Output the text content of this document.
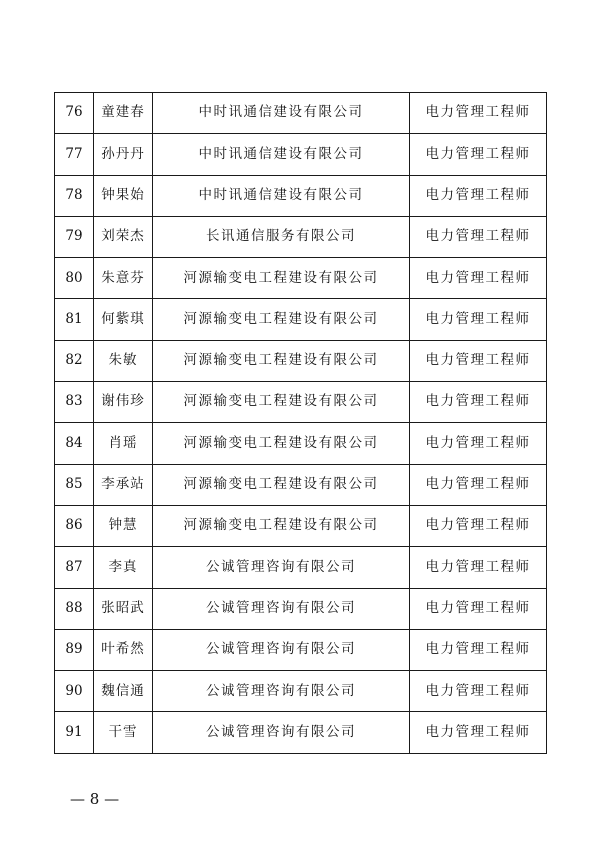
76	童建春	中时讯通信建设有限公司	电力管理工程师
77	孙丹丹	中时讯通信建设有限公司	电力管理工程师
78	钟果始	中时讯通信建设有限公司	电力管理工程师
79	刘荣杰	长讯通信服务有限公司	电力管理工程师
80	朱意芬	河源输变电工程建设有限公司	电力管理工程师
81	何紫琪	河源输变电工程建设有限公司	电力管理工程师
82	朱敏	河源输变电工程建设有限公司	电力管理工程师
83	谢伟珍	河源输变电工程建设有限公司	电力管理工程师
84	肖瑶	河源输变电工程建设有限公司	电力管理工程师
85	李承站	河源输变电工程建设有限公司	电力管理工程师
86	钟慧	河源输变电工程建设有限公司	电力管理工程师
87	李真	公诚管理咨询有限公司	电力管理工程师
88	张昭武	公诚管理咨询有限公司	电力管理工程师
89	叶希然	公诚管理咨询有限公司	电力管理工程师
90	魏信通	公诚管理咨询有限公司	电力管理工程师
91	干雪	公诚管理咨询有限公司	电力管理工程师
— 8 —
